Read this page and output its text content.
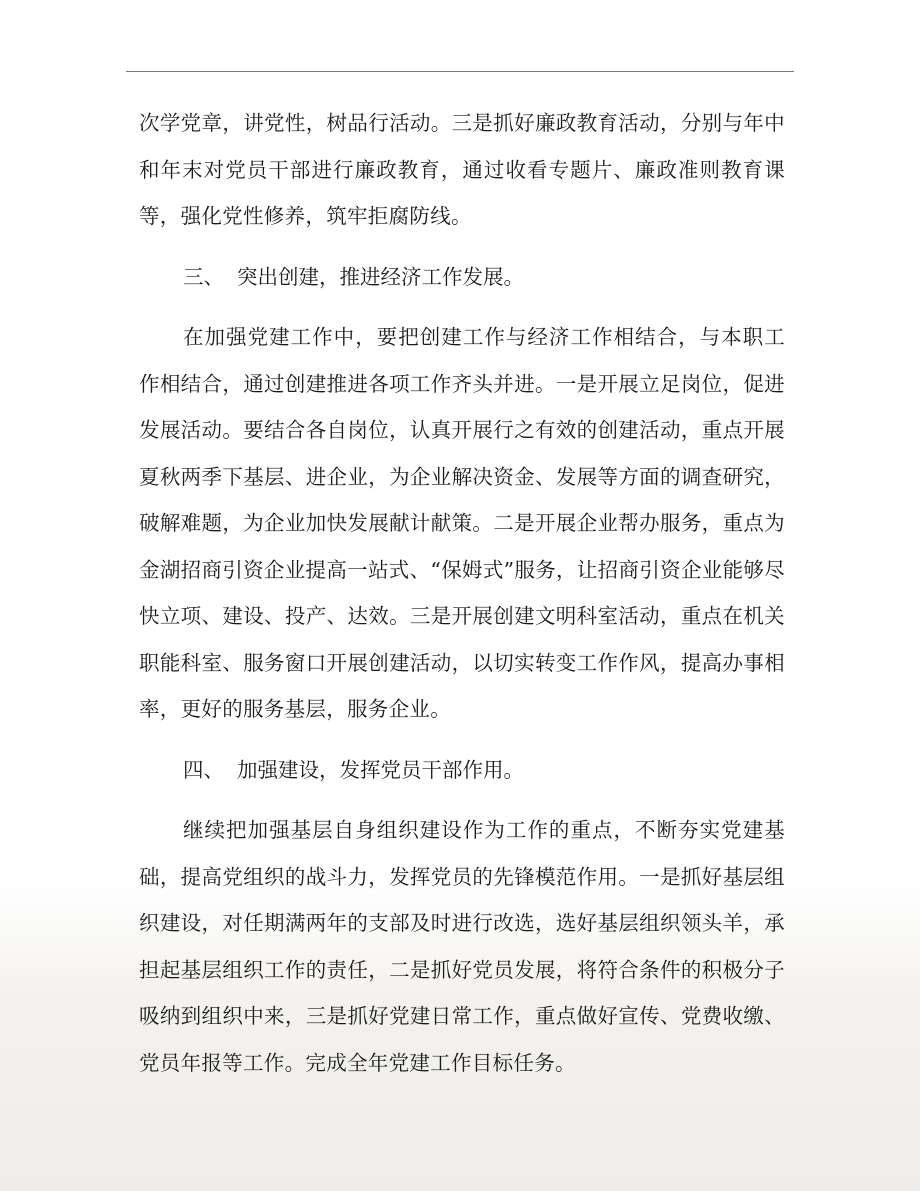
次学党章，讲党性，树品行活动。三是抓好廉政教育活动，分别与年中和年末对党员干部进行廉政教育，通过收看专题片、廉政准则教育课等，强化党性修养，筑牢拒腐防线。

三、 突出创建，推进经济工作发展。

在加强党建工作中，要把创建工作与经济工作相结合，与本职工作相结合，通过创建推进各项工作齐头并进。一是开展立足岗位，促进发展活动。要结合各自岗位，认真开展行之有效的创建活动，重点开展夏秋两季下基层、进企业，为企业解决资金、发展等方面的调查研究，破解难题，为企业加快发展献计献策。二是开展企业帮办服务，重点为金湖招商引资企业提高一站式、“保姆式”服务，让招商引资企业能够尽快立项、建设、投产、达效。三是开展创建文明科室活动，重点在机关职能科室、服务窗口开展创建活动，以切实转变工作作风，提高办事相率，更好的服务基层，服务企业。

四、 加强建设，发挥党员干部作用。

继续把加强基层自身组织建设作为工作的重点，不断夯实党建基础，提高党组织的战斗力，发挥党员的先锋模范作用。一是抓好基层组织建设，对任期满两年的支部及时进行改选，选好基层组织领头羊，承担起基层组织工作的责任，二是抓好党员发展，将符合条件的积极分子吸纳到组织中来，三是抓好党建日常工作，重点做好宣传、党费收缴、党员年报等工作。完成全年党建工作目标任务。
